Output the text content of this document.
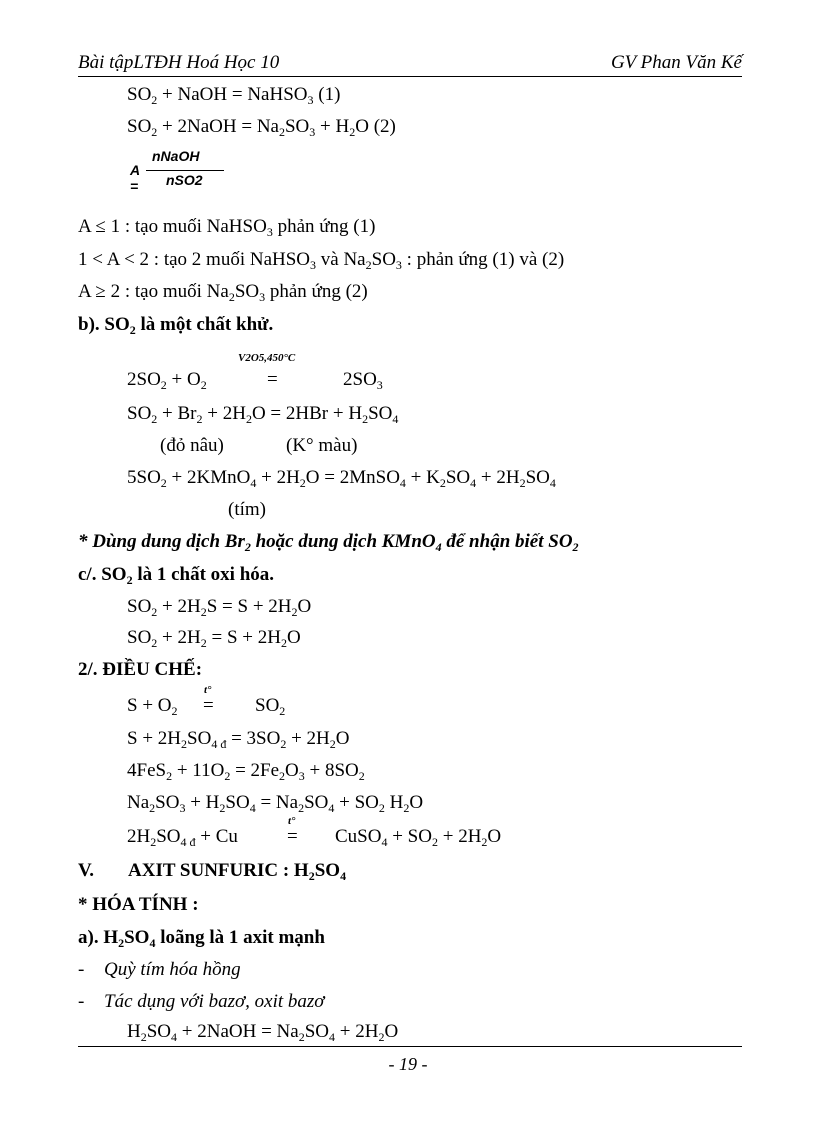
Bài tậpLTĐH Hoá Học 10	GV Phan Văn Kế
$SO_2$ + NaOH = NaHSO$_3$ (1)
$SO_2$ + 2NaOH = $Na_2SO_3 + H_2O$ (2)
A =
nNaOH
nSO2
A ≤ 1 : tạo muối NaHSO$_3$ phản ứng (1)
1 < A < 2 : tạo 2 muối NaHSO$_3$ và $Na_2SO_3$ : phản ứng (1) và (2)
A ≥ 2 : tạo muối $Na_2SO_3$ phản ứng (2)
b). $SO_2$ là một chất khử.
V2O5,450°C
$2SO_2 + O_2$	=	$2SO_3$
$SO_2 + Br_2 + 2H_2O = 2HBr + H_2SO_4$
(đỏ nâu)	(K° màu)
$5SO_2$ + 2KMnO$_4$ + $2H_2O$ = 2MnSO$_4$ + $K_2SO_4 + 2H_2SO_4$
(tím)
* Dùng dung dịch $Br_2$ hoặc dung dịch KMnO$_4$ để nhận biết $SO_2$
c/. $SO_2$ là 1 chất oxi hóa.
$SO_2 + 2H_2S = S + 2H_2O$
$SO_2 + 2H_2 = S + 2H_2O$
2/. ĐIỀU CHẾ:
t°
$S + O_2 = SO_2$
$S + 2H_2SO_{4 đ} = 3SO_2 + 2H_2O$
$4FeS_2 + 11O_2 = 2Fe_2O_3 + 8SO_2$
$Na_2SO_3 + H_2SO_4 = Na_2SO_4 + SO_2$ $H_2O$
t°
$2H_2SO_{4 đ} + Cu$	= CuSO$_4$ + $SO_2 + 2H_2O$
V. AXIT SUNFURIC : $H_2SO_4$
* HÓA TÍNH :
a). $H_2SO_4$ loãng là 1 axit mạnh
- Quỳ tím hóa hồng
- Tác dụng với bazơ, oxit bazơ
$H_2SO_4$ + 2NaOH = $Na_2SO_4 + 2H_2O$
- 19 -
